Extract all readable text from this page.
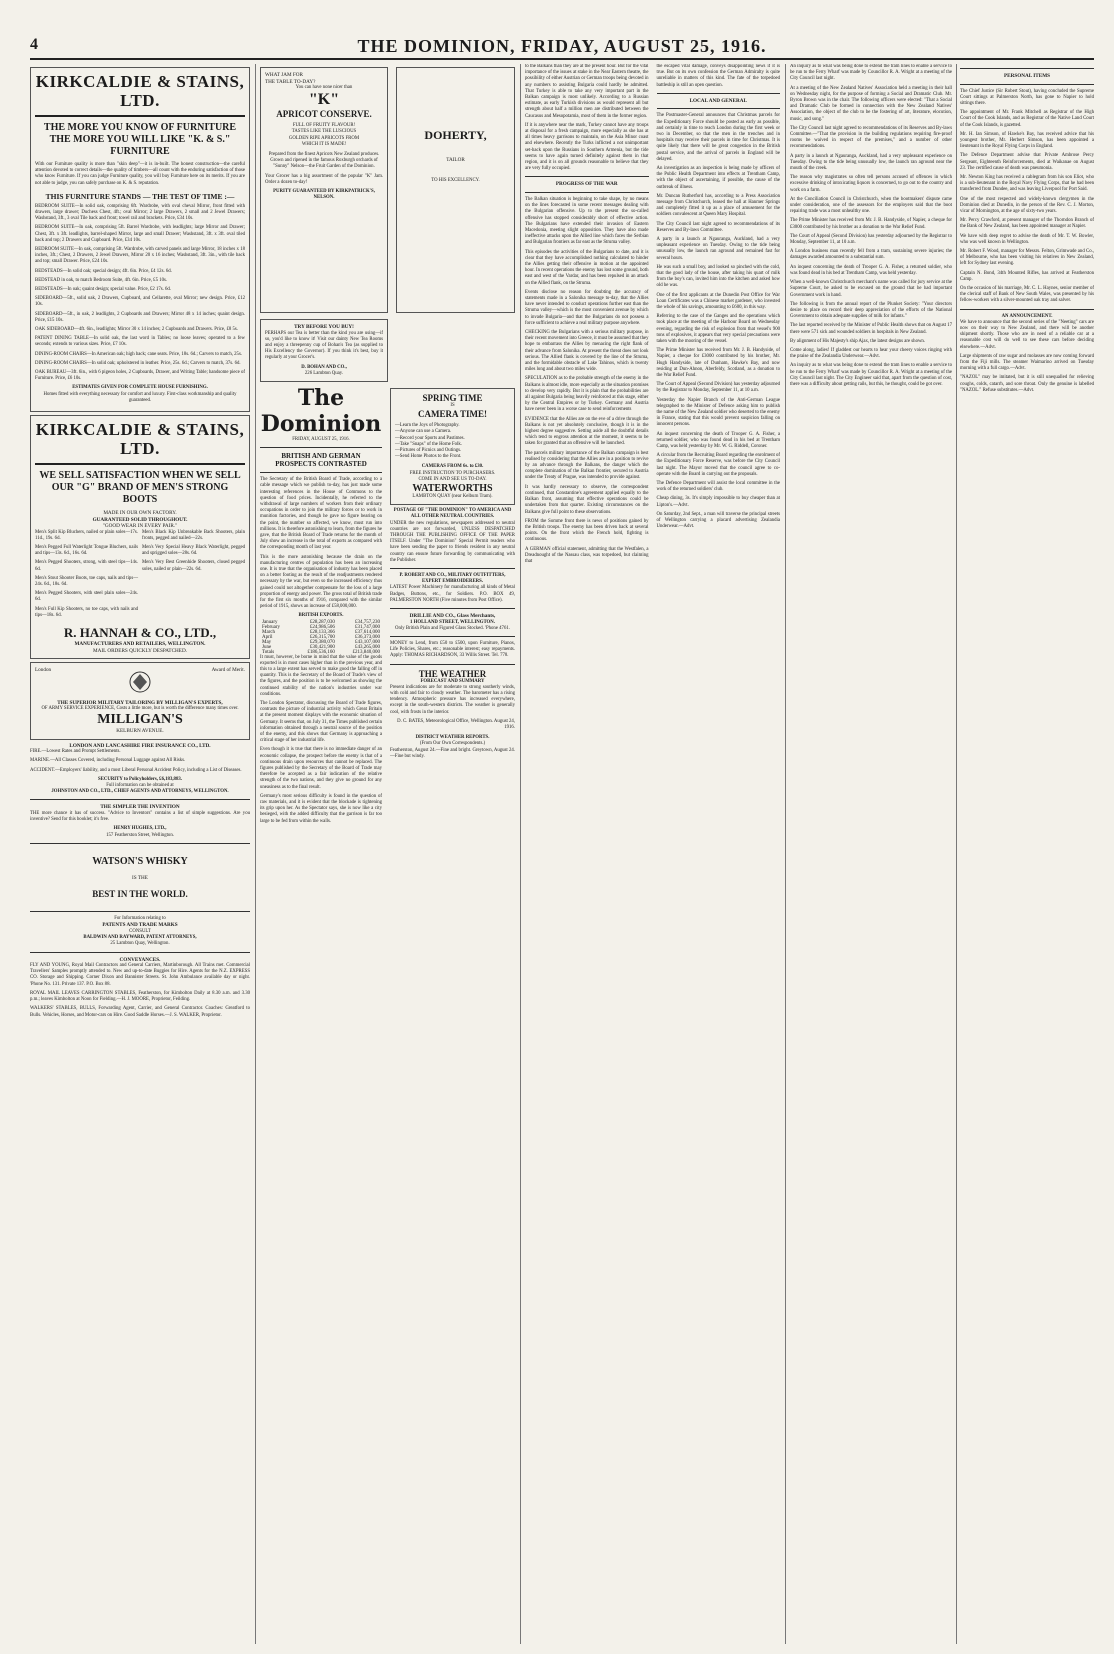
4	THE DOMINION, FRIDAY, AUGUST 25, 1916.
KIRKCALDIE & STAINS, LTD.
THE MORE YOU KNOW OF FURNITURE THE MORE YOU WILL LIKE "K. & S." FURNITURE

With our Furniture quality is more than "skin deep"—it is in-built. The honest construction—the careful attention devoted to correct details—the quality of timbers—all count with the enduring satisfaction of those who know Furniture. If you can judge Furniture quality, you will buy Furniture here on its merits. If you are not able to judge, you can safely purchase on K. & S. reputation.

THIS FURNITURE STANDS — THE TEST OF TIME :—

BEDROOM SUITE—In solid oak, comprising 6ft. Wardrobe, with oval cheval Mirror, front fitted with drawers, large drawer; Duchess Chest, 4ft.; oval Mirror; 2 large Drawers, 2 small and 2 Jewel Drawers; Washstand, 3ft., 3 oval Tile back and front; towel rail and brackets. Price, £34 10s.

BEDROOM SUITE—In oak, comprising 5ft. Barrel Wardrobe, with leadlights; large Mirror and Drawer; Chest, 3ft. x 3ft. leadlights, barrel-shaped Mirror, large and small Drawer; Washstand, 3ft. x 3ft. oval tiled back and top; 2 Drawers and Cupboard. Price, £34 10s.

BEDROOM SUITE—In oak, comprising 5ft. Wardrobe, with carved panels and large Mirror, 18 inches x 18 inches, 3ft.; Chest, 2 Drawers, 2 Jewel Drawers, Mirror 20 x 16 inches; Washstand, 3ft. 3in., with tile back and top; small Drawer. Price, £24 10s.

BEDSTEADS—In solid oak; special design; 4ft. 6in. Price, £4 12s. 6d.

BEDSTEAD in oak, to match Bedroom Suite, 4ft. 6in. Price, £5 10s.

BEDSTEADS—In oak; quaint design; special value. Price, £2 17s. 6d.

SIDEBOARD—5ft., solid oak, 2 Drawers, Cupboard, and Cellarette, oval Mirror; new design. Price, £12 10s.

SIDEBOARD—5ft., in oak, 2 leadlights, 2 Cupboards and Drawers; Mirror 48 x 14 inches; quaint design. Price, £15 10s.

OAK SIDEBOARD—4ft. 6in., leadlights; Mirror 30 x 14 inches; 2 Cupboards and Drawers. Price, £8 5s.

PATENT DINING TABLE—In solid oak, the last word in Tables; no loose leaves; operated to a few seconds; extends to various sizes. Price, £7 10s.

DINING-ROOM CHAIRS—In American oak; high back; cane seats. Price, 18s. 6d.; Carvers to match, 25s.

DINING-ROOM CHAIRS—In solid oak; upholstered in leather. Price, 25s. 6d.; Carvers to match, 37s. 6d.

OAK BUREAU—3ft. 6in., with 6 pigeon holes, 2 Cupboards, Drawer, and Writing Table; handsome piece of Furniture. Price, £6 10s.

ESTIMATES GIVEN FOR COMPLETE HOUSE FURNISHING.

Homes fitted with everything necessary for comfort and luxury. First-class workmanship and quality guaranteed.

KIRKCALDIE & STAINS, LTD.
WE SELL SATISFACTION WHEN WE SELL OUR "G" BRAND OF MEN'S STRONG BOOTS
MADE IN OUR OWN FACTORY.
GUARANTEED SOLID THROUGHOUT.
"GOOD WEAR IN EVERY PAIR."

Men's Split Kip Bluchers, nailed or plain soles—17s. 11d., 19s. 6d.

Men's Pegged Full Waterlight Tongue Bluchers, nails and tips—13s. 6d., 16s. 6d.

Men's Pegged Shooters, strong, with steel tips—14s. 6d.

Men's Stout Shooter Boots, toe caps, nails and tips—24s. 6d., 18s. 6d.

Men's Pegged Shooters, with steel plain soles—24s. 6d.

Men's Full Kip Shooters, no toe caps, with nails and tips—18s. 6d.

Men's Black Kip Unbreakable Back Shooters, plain fronts, pegged and nailed—22s.

Men's Very Special Heavy Black Waterlight, pegged and sprigged soles—28s. 6d.

Men's Very Best Greenhide Shooters, closed pegged soles, nailed or plain—22s. 6d.

R. HANNAH & CO., LTD.,
MANUFACTURERS AND RETAILERS, WELLINGTON.
MAIL ORDERS QUICKLY DESPATCHED.
London	Award of Merit.
THE SUPERIOR MILITARY TAILORING BY MILLIGAN'S EXPERTS,
OF ARMY SERVICE EXPERIENCE, Costs a little more, but is worth the difference many times over.
MILLIGAN'S
KELBURN AVENUE.
LONDON AND LANCASHIRE FIRE INSURANCE CO., LTD.

FIRE.—Lowest Rates and Prompt Settlements.

MARINE.—All Classes Covered, including Personal Luggage against All Risks.

ACCIDENT.—Employers' liability, and a most Liberal Personal Accident Policy, including a List of Diseases.

SECURITY to Policyholders, £6,183,883.
Full information can be obtained at
JOHNSTON AND CO., LTD., CHIEF AGENTS AND ATTORNEYS, WELLINGTON.
THE SIMPLER THE INVENTION

THE more chance it has of success. "Advice to Inventors" contains a list of simple suggestions. Are you inventive? Send for this booklet; it's free.

HENRY HUGHES, LTD.,
157 Featherston Street, Wellington.
WATSON'S WHISKY
IS THE
BEST IN THE WORLD.
For Information relating to
PATENTS AND TRADE MARKS
CONSULT
BALDWIN AND RAYWARD, PATENT ATTORNEYS,
25 Lambton Quay, Wellington.
CONVEYANCES.

FLY AND YOUNG, Royal Mail Contractors and General Carriers, Martinborough. All Trains met. Commercial Travellers' Samples promptly attended to. New and up-to-date Buggies for Hire. Agents for the N.Z. EXPRESS CO. Storage and Shipping. Corner Dixon and Bannister Streets. St. John Ambulance available day or night. 'Phone No. 131. Private 137. P.O. Box 88.

ROYAL MAIL LEAVES CARRINGTON STABLES, Featherston, for Kimbolton Daily at 8.30 a.m. and 3.30 p.m.; leaves Kimbolton at Noon for Fielding.—H. J. MOORE, Proprietor, Feilding.

WALKERS' STABLES, BULLS, Forwarding Agent, Carrier, and General Contractor. Coaches: Greatford to Bulls. Vehicles, Horses, and Motor-cars on Hire. Good Saddle Horses.—J. S. WALKER, Proprietor.

WHAT JAM FOR
THE TABLE TO-DAY?
You can have none nicer than
"K"
APRICOT CONSERVE.
FULL OF FRUITY FLAVOUR!
TASTES LIKE THE LUSCIOUS
GOLDEN RIPE APRICOTS FROM
WHICH IT IS MADE!

Prepared from the finest Apricots New Zealand produces. Grown and ripened in the famous Roxburgh orchards of "Sunny" Nelson—the Fruit Garden of the Dominion.

Your Grocer has a big assortment of the popular "K" Jam. Order a dozen to-day!

PURITY GUARANTEED BY KIRKPATRICK'S, NELSON.
DOHERTY,
TAILOR
TO HIS EXCELLENCY.
TRY BEFORE YOU BUY!

PERHAPS our Tea is better than the kind you are using—if so, you'd like to know it! Visit our dainty New Tea Rooms and enjoy a threepenny cup of Bohan's Tea (as supplied to His Excellency the Governor). If you think it's best, buy it regularly at your Grocer's.

D. BOHAN AND CO.,
226 Lambton Quay.

The Dominion
FRIDAY, AUGUST 25, 1916.
BRITISH AND GERMAN PROSPECTS CONTRASTED

The Secretary of the British Board of Trade, according to a cable message which we publish to-day, has just made some interesting references in the House of Commons to the question of food prices. Incidentally, he referred to the withdrawal of large numbers of workers from their ordinary occupations in order to join the military forces or to work in munition factories, and though he gave no figure bearing on the point, the number so affected, we know, must run into millions. It is therefore astonishing to learn, from the figures he gave, that the British Board of Trade returns for the month of July show an increase in the total of exports as compared with the corresponding month of last year.

This is the more astonishing because the drain on the manufacturing centres of population has been an increasing one. It is true that the organisation of industry has been placed on a better footing as the result of the readjustments rendered necessary by the war, but even so the increased efficiency thus gained could not altogether compensate for the loss of a large proportion of energy and power. The gross total of British trade for the first six months of 1916, compared with the similar period of 1915, shows an increase of £58,000,000.

BRITISH EXPORTS.
January	£28,287,030	£34,757,230
February	£24,986,506	£31,747,000
March	£28,133,366	£37,614,000
April	£26,315,700	£36,373,000
May	£29,380,070	£43,107,000
June	£30,421,900	£43,265,000
Totals	£186,536,160	£213,840,000

It must, however, be borne in mind that the value of the goods exported is in most cases higher than in the previous year, and this to a large extent has served to make good the falling off in quantity. This is the Secretary of the Board of Trade's view of the figures, and the position is to be welcomed as showing the continued stability of the nation's industries under war conditions.

The London Spectator, discussing the Board of Trade figures, contrasts the picture of industrial activity which Great Britain at the present moment displays with the economic situation of Germany. It seems that, on July 31, the Times published certain information obtained through a neutral source of the position of the enemy, and this shows that Germany is approaching a critical stage of her industrial life.

Even though it is true that there is no immediate danger of an economic collapse, the prospect before the enemy is that of a continuous drain upon resources that cannot be replaced. The figures published by the Secretary of the Board of Trade may therefore be accepted as a fair indication of the relative strength of the two nations, and they give no ground for any uneasiness as to the final result.

Germany's most serious difficulty is found in the question of raw materials, and it is evident that the blockade is tightening its grip upon her. As the Spectator says, she is now like a city besieged, with the added difficulty that the garrison is far too large to be fed from within the walls.

SPRING TIME
IS
CAMERA TIME!
—Learn the Joys of Photography.
—Anyone can use a Camera.
—Record your Sports and Pastimes.
—Take "Snaps" of the Home Folk.
—Pictures of Picnics and Outings.
—Send Home Photos to the Front.
CAMERAS FROM 6s. to £30.
FREE INSTRUCTION TO PURCHASERS.
COME IN AND SEE US TO-DAY.
WATERWORTHS
LAMBTON QUAY (near Kelburn Tram).
POSTAGE OF "THE DOMINION" TO AMERICA AND ALL OTHER NEUTRAL COUNTRIES.

UNDER the new regulations, newspapers addressed to neutral countries are not forwarded, UNLESS DESPATCHED THROUGH THE PUBLISHING OFFICE OF THE PAPER ITSELF. Under "The Dominion" Special Permit readers who have been sending the paper to friends resident in any neutral country can ensure future forwarding by communicating with the Publisher.

P. ROBERT AND CO., MILITARY OUTFITTERS, EXPERT EMBROIDERERS.

LATEST Power Machinery for manufacturing all kinds of Metal Badges, Buttons, etc., for Soldiers. P.O. BOX 49, PALMERSTON NORTH (Five minutes from Post Office).

DRILLIE AND CO., Glass Merchants,
1 HOLLAND STREET, WELLINGTON.

Only British Plain and Figured Glass Stocked. 'Phone 4761.

MONEY to Lend, from £50 to £500, upon Furniture, Pianos, Life Policies, Shares, etc.; reasonable interest; easy repayments. Apply: THOMAS RICHARDSON, 33 Willis Street. Tel. 778.

THE WEATHER
FORECAST AND SUMMARY

Present indications are for moderate to strong southerly winds, with cold and fair to cloudy weather. The barometer has a rising tendency. Atmospheric pressure has increased everywhere, except in the south-western districts. The weather is generally cool, with frosts in the interior.

D. C. BATES, Meteorological Office, Wellington. August 24, 1916.
DISTRICT WEATHER REPORTS.
(From Our Own Correspondents.)

Featherston, August 24.—Fine and bright. Greytown, August 24.—Fine but windy.

to the Balkans than they are at the present hour. But for the vital importance of the issues at stake in the Near Eastern theatre, the possibility of either Austrian or German troops being devoted in any numbers to assisting Bulgaria could hardly be admitted. That Turkey is able to take any very important part in the Balkan campaign is most unlikely. According to a Russian estimate, as early Turkish divisions as would represent all but strength about half a million men are distributed between the Caucasus and Mesopotamia, most of them in the former region.

If it is anywhere near the mark, Turkey cannot have any troops at disposal for a fresh campaign, more especially as she has at all times heavy garrisons to maintain, on the Asia Minor coast and elsewhere. Recently the Turks inflicted a not unimportant set-back upon the Russians in Southern Armenia, but the tide seems to have again turned definitely against them in that region, and it is on all grounds reasonable to believe that they are very fully occupied.

PROGRESS OF THE WAR

The Balkan situation is beginning to take shape, by no means on the lines forecasted in some recent messages dealing with the Bulgarian offensive. Up to the present the so-called offensive has stopped considerably short of effective action. The Bulgarians have extended their invasion of Eastern Macedonia, meeting slight opposition. They have also made ineffective attacks upon the Allied line which faces the Serbian and Bulgarian frontiers as far east as the Struma valley.

This episodes the activities of the Bulgarians to date, and it is clear that they have accomplished nothing calculated to hinder the Allies getting their offensive in motion at the appointed hour. In recent operations the enemy has lost some ground, both east and west of the Vardar, and has been repulsed in an attack on the Allied flank, on the Struma.

Events disclose no reason for doubting the accuracy of statements made in a Salonika message to-day, that the Allies have never intended to conduct operations further east than the Struma valley—which is the most convenient avenue by which to invade Bulgaria—and that the Bulgarians do not possess a force sufficient to achieve a real military purpose anywhere.

CHECKING the Bulgarians with a serious military purpose, in their recent movement into Greece, it must be assumed that they hope to embarrass the Allies by menacing the right flank of their advance from Salonika. At present the threat does not look serious. The Allied flank is covered by the line of the Struma, and the formidable obstacle of Lake Tahinos, which is twenty miles long and about two miles wide.

SPECULATION as to the probable strength of the enemy in the Balkans is almost idle, more especially as the situation promises to develop very rapidly. But it is plain that the probabilities are all against Bulgaria being heavily reinforced at this stage, either by the Central Empires or by Turkey. Germany and Austria have never been in a worse case to send reinforcements

EVIDENCE that the Allies are on the eve of a drive through the Balkans is not yet absolutely conclusive, though it is in the highest degree suggestive. Setting aside all the doubtful details which tend to engross attention at the moment, it seems to be taken for granted that an offensive will be launched.

The parcels military importance of the Balkan campaign is best realised by considering that the Allies are in a position to revive by an advance through the Balkans, the danger which the complete domination of the Balkan frontier, secured to Austria under the Treaty of Prague, was intended to provide against.

It was hardly necessary to observe, the correspondent continued, that Constantine's agreement applied equally to the Balkan front, assuming that effective operations could be undertaken from that quarter. Existing circumstances on the Balkans give full point to these observations.

FROM the Somme front there is news of positions gained by the British troops. The enemy has been driven back at several points. On the front which the French hold, fighting is continuous.

A GERMAN official statement, admitting that the Westfalen, a Dreadnought of the Nassau class, was torpedoed, but claiming that

the escaped vital damage, conveys disappointing news if it is true. But on its own confession the German Admiralty is quite unreliable in matters of this kind. The fate of the torpedoed battleship is still an open question.

LOCAL AND GENERAL

The Postmaster-General announces that Christmas parcels for the Expeditionary Force should be posted as early as possible, and certainly in time to reach London during the first week or two in December, so that the men in the trenches and in hospitals may receive their parcels in time for Christmas. It is quite likely that there will be great congestion in the British postal service, and the arrival of parcels in England will be delayed.

An investigation as an inspection is being made by officers of the Public Health Department into effects at Trentham Camp, with the object of ascertaining, if possible, the cause of the outbreak of illness.

Mr. Duncan Rutherford has, according to a Press Association message from Christchurch, leased the hall at Hanmer Springs and completely fitted it up as a place of amusement for the soldiers convalescent at Queen Mary Hospital.

The City Council last night agreed to recommendations of its Reserves and By-laws Committee.

A party in a launch at Ngauranga, Auckland, had a very unpleasant experience on Tuesday. Owing to the tide being unusually low, the launch ran aground and remained fast for several hours.

He was such a small boy, and looked so pinched with the cold, that the good lady of the house, after taking his quart of milk from the boy's can, invited him into the kitchen and asked how old he was.

One of the first applicants at the Dunedin Post Office for War Loan Certificates was a Chinese market gardener, who invested the whole of his savings, amounting to £600, in this way.

Referring to the case of the Ganges and the operations which took place at the meeting of the Harbour Board on Wednesday evening, regarding the risk of explosion from that vessel's 900 tons of explosives, it appears that very special precautions were taken with the mooring of the vessel.

The Prime Minister has received from Mr. J. B. Handyside, of Napier, a cheque for £3000 contributed by his brother, Mr. Hugh Handyside, late of Dunham, Hawke's Bay, and now residing at Dun-Ahnon, Aberfeldy, Scotland, as a donation to the War Relief Fund.

The Court of Appeal (Second Division) has yesterday adjourned by the Registrar to Monday, September 11, at 10 a.m.

Yesterday the Napier Branch of the Anti-German League telegraphed to the Minister of Defence asking him to publish the name of the New Zealand soldier who deserted to the enemy in France, stating that this would prevent suspicion falling on innocent persons.

An inquest concerning the death of Trooper G. A. Fisher, a returned soldier, who was found dead in his bed at Trentham Camp, was held yesterday by Mr. W. G. Riddell, Coroner.

A circular from the Recruiting Board regarding the enrolment of the Expeditionary Force Reserve, was before the City Council last night. The Mayor moved that the council agree to co-operate with the Board in carrying out the proposals.

The Defence Department will assist the local committee in the work of the returned soldiers' club.

Cheap dining, 3s. It's simply impossible to buy cheaper than at Lipton's.—Advt.

On Saturday, 2nd Sept., a man will traverse the principal streets of Wellington carrying a placard advertising Zealandia Underwear.—Advt.

An inquiry as to what was being done to extend the tram lines to enable a service to be run to the Ferry Wharf was made by Councillor R. A. Wright at a meeting of the City Council last night.

At a meeting of the New Zealand Natives' Association held a meeting in their hall on Wednesday night, for the purpose of forming a Social and Dramatic Club. Mr. Byron Brown was in the chair. The following officers were elected: "That a Social and Dramatic Club be formed in connection with the New Zealand Natives' Association, the object of the club to be the fostering of art, literature, elocution, music, and song."

The City Council last night agreed to recommendations of its Reserves and By-laws Committee.—"That the provision in the building regulations requiring fire-proof rooms be waived in respect of the premises," and a number of other recommendations.

A party in a launch at Ngauranga, Auckland, had a very unpleasant experience on Tuesday. Owing to the tide being unusually low, the launch ran aground near the mouth of the creek.

The reason why magistrates so often tell persons accused of offences in which excessive drinking of intoxicating liquors is concerned, to go out to the country and work on a farm.

At the Conciliation Council in Christchurch, when the bootmakers' dispute came under consideration, one of the assessors for the employers said that the boot repairing trade was a most unhealthy one.

The Prime Minister has received from Mr. J. B. Handyside, of Napier, a cheque for £3000 contributed by his brother as a donation to the War Relief Fund.

The Court of Appeal (Second Division) has yesterday adjourned by the Registrar to Monday, September 11, at 10 a.m.

A London business man recently fell from a tram, sustaining severe injuries; the damages awarded amounted to a substantial sum.

An inquest concerning the death of Trooper G. A. Fisher, a returned soldier, who was found dead in his bed at Trentham Camp, was held yesterday.

When a well-known Christchurch merchant's name was called for jury service at the Supreme Court, he asked to be excused on the ground that he had important Government work in hand.

The following is from the annual report of the Plunket Society: "Your directors desire to place on record their deep appreciation of the efforts of the National Government to obtain adequate supplies of milk for infants."

The last reported received by the Minister of Public Health shows that on August 17 there were 571 sick and wounded soldiers in hospitals in New Zealand.

By alignment of His Majesty's ship Ajax, the latest designs are shown.

Come along, ladies! If gladdest our hearts to hear your cheery voices ringing with the praise of the Zealandia Underwear.—Advt.

An inquiry as to what was being done to extend the tram lines to enable a service to be run to the Ferry Wharf was made by Councillor R. A. Wright at a meeting of the City Council last night. The City Engineer said that, apart from the question of cost, there was a difficulty about getting rails, but this, he thought, could be got over.

PERSONAL ITEMS

The Chief Justice (Sir Robert Stout), having concluded the Supreme Court sittings at Palmerston North, has gone to Napier to hold sittings there.

The appointment of Mr. Frank Mitchell as Registrar of the High Court of the Cook Islands, and as Registrar of the Native Land Court of the Cook Islands, is gazetted.

Mr. H. Ian Simson, of Hawke's Bay, has received advice that his youngest brother, Mr. Herbert Simson, has been appointed a lieutenant in the Royal Flying Corps in England.

The Defence Department advise that Private Ambrose Percy Sergeant, Eighteenth Reinforcements, died at Waikanae on August 23. The certified cause of death was pneumonia.

Mr. Newton King has received a cablegram from his son Eliot, who is a sub-lieutenant in the Royal Navy Flying Corps, that he had been transferred from Dundee, and was leaving Liverpool for Port Said.

One of the most respected and widely-known clergymen in the Dominion died at Dunedin, in the person of the Rev. C. J. Morton, vicar of Mornington, at the age of sixty-two years.

Mr. Percy Crawford, at present manager of the Thorndon Branch of the Bank of New Zealand, has been appointed manager at Napier.

We have with deep regret to advise the death of Mr. T. W. Bowler, who was well known in Wellington.

Mr. Robert F. Wood, manager for Messrs. Felton, Grimwade and Co., of Melbourne, who has been visiting his relatives in New Zealand, left for Sydney last evening.

Captain N. Bond, 34th Mounted Rifles, has arrived at Featherston Camp.

On the occasion of his marriage, Mr. C. L. Haynes, senior member of the clerical staff of Bank of New South Wales, was presented by his fellow-workers with a silver-mounted oak tray and salver.

AN ANNOUNCEMENT.

We have to announce that the second series of the "Neeting" cars are now on their way to New Zealand, and there will be another shipment shortly. Those who are in need of a reliable car at a reasonable cost will do well to see these cars before deciding elsewhere.—Advt.

Large shipments of raw sugar and molasses are now coming forward from the Fiji mills. The steamer Waimarino arrived on Tuesday morning with a full cargo.—Advt.

"NAZOL" may be imitated, but it is still unequalled for relieving coughs, colds, catarrh, and sore throat. Only the genuine is labelled "NAZOL." Refuse substitutes.—Advt.
